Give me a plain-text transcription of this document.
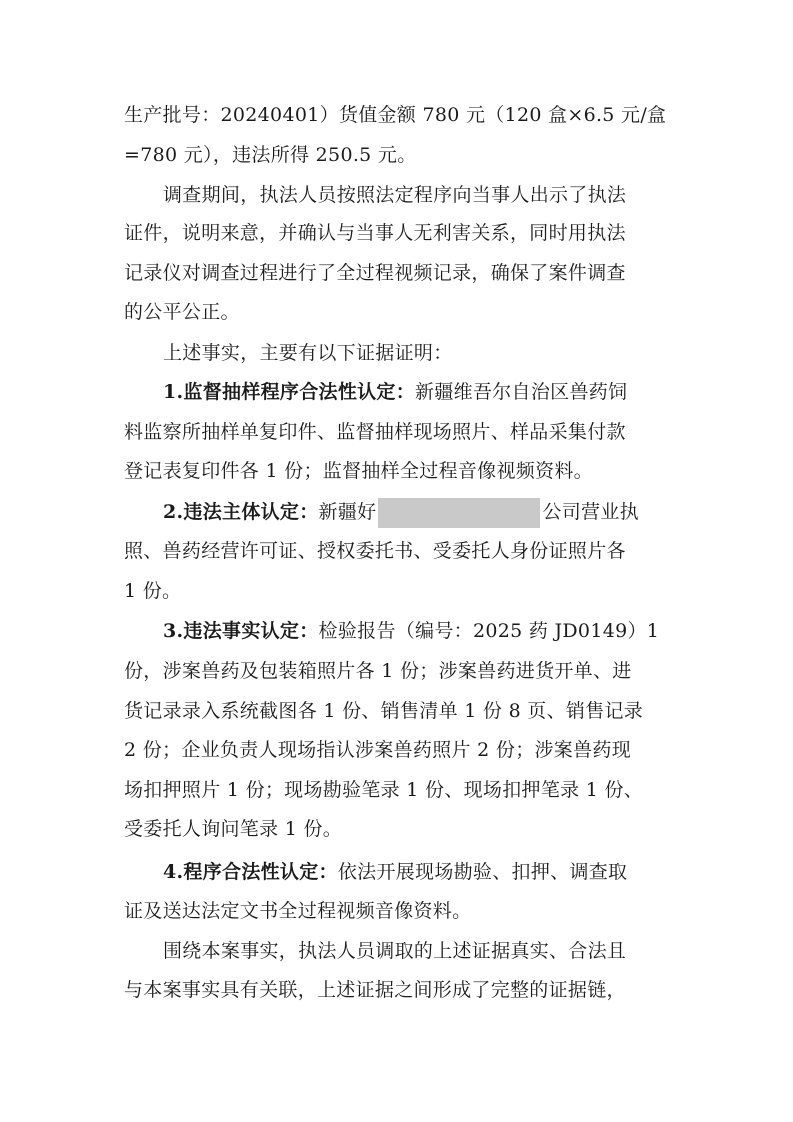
生产批号：20240401）货值金额 780 元（120 盒×6.5 元/盒
=780 元），违法所得 250.5 元。
调查期间，执法人员按照法定程序向当事人出示了执法
证件，说明来意，并确认与当事人无利害关系，同时用执法
记录仪对调查过程进行了全过程视频记录，确保了案件调查
的公平公正。
上述事实，主要有以下证据证明：
1.监督抽样程序合法性认定：新疆维吾尔自治区兽药饲
料监察所抽样单复印件、监督抽样现场照片、样品采集付款
登记表复印件各 1 份；监督抽样全过程音像视频资料。
2.违法主体认定：新疆好	公司营业执
照、兽药经营许可证、授权委托书、受委托人身份证照片各
1 份。
3.违法事实认定：检验报告（编号：2025 药 JD0149）1
份，涉案兽药及包装箱照片各 1 份；涉案兽药进货开单、进
货记录录入系统截图各 1 份、销售清单 1 份 8 页、销售记录
2 份；企业负责人现场指认涉案兽药照片 2 份；涉案兽药现
场扣押照片 1 份；现场勘验笔录 1 份、现场扣押笔录 1 份、
受委托人询问笔录 1 份。
4.程序合法性认定：依法开展现场勘验、扣押、调查取
证及送达法定文书全过程视频音像资料。
围绕本案事实，执法人员调取的上述证据真实、合法且
与本案事实具有关联，上述证据之间形成了完整的证据链，
